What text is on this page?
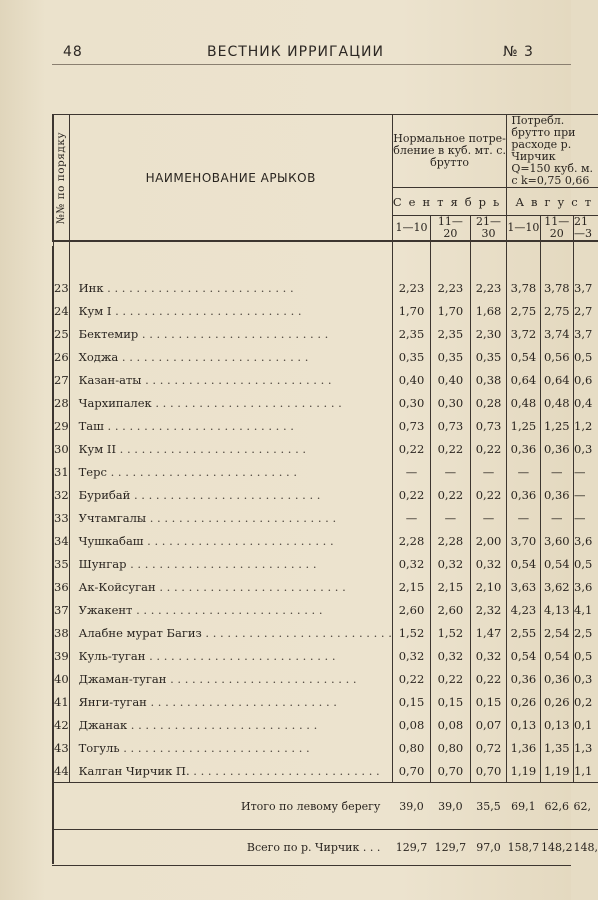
48	ВЕСТНИК ИРРИГАЦИИ	№ 3
№№ по порядку	НАИМЕНОВАНИЕ АРЫКОВ	Нормальное потре-бление в куб. мт. с. брутто			Потребл. брутто при расходе р. Чирчик Q=150 куб. м. с k=0,75 0,66		
		Сентябрь			Август		
		1—10	11—20	21—30	1—10	11—20	21—3

23	Инк . . . . . . . . . . . . . . . . . . . . . . . . . .	2,23	2,23	2,23	3,78	3,78	3,7
24	Кум I . . . . . . . . . . . . . . . . . . . . . . . . . .	1,70	1,70	1,68	2,75	2,75	2,7
25	Бектемир . . . . . . . . . . . . . . . . . . . . . . . . . .	2,35	2,35	2,30	3,72	3,74	3,7
26	Ходжа . . . . . . . . . . . . . . . . . . . . . . . . . .	0,35	0,35	0,35	0,54	0,56	0,5
27	Казан-аты . . . . . . . . . . . . . . . . . . . . . . . . . .	0,40	0,40	0,38	0,64	0,64	0,6
28	Чархипалек . . . . . . . . . . . . . . . . . . . . . . . . . .	0,30	0,30	0,28	0,48	0,48	0,4
29	Таш . . . . . . . . . . . . . . . . . . . . . . . . . .	0,73	0,73	0,73	1,25	1,25	1,2
30	Кум II . . . . . . . . . . . . . . . . . . . . . . . . . .	0,22	0,22	0,22	0,36	0,36	0,3
31	Терс . . . . . . . . . . . . . . . . . . . . . . . . . .	—	—	—	—	—	—
32	Бурибай . . . . . . . . . . . . . . . . . . . . . . . . . .	0,22	0,22	0,22	0,36	0,36	—
33	Учтамгалы . . . . . . . . . . . . . . . . . . . . . . . . . .	—	—	—	—	—	—
34	Чушкабаш . . . . . . . . . . . . . . . . . . . . . . . . . .	2,28	2,28	2,00	3,70	3,60	3,6
35	Шунгар . . . . . . . . . . . . . . . . . . . . . . . . . .	0,32	0,32	0,32	0,54	0,54	0,5
36	Ак-Койсуган . . . . . . . . . . . . . . . . . . . . . . . . . .	2,15	2,15	2,10	3,63	3,62	3,6
37	Ужакент . . . . . . . . . . . . . . . . . . . . . . . . . .	2,60	2,60	2,32	4,23	4,13	4,1
38	Алабне мурат Багиз . . . . . . . . . . . . . . . . . . . . . . . . . .	1,52	1,52	1,47	2,55	2,54	2,5
39	Куль-туган . . . . . . . . . . . . . . . . . . . . . . . . . .	0,32	0,32	0,32	0,54	0,54	0,5
40	Джаман-туган . . . . . . . . . . . . . . . . . . . . . . . . . .	0,22	0,22	0,22	0,36	0,36	0,3
41	Янги-туган . . . . . . . . . . . . . . . . . . . . . . . . . .	0,15	0,15	0,15	0,26	0,26	0,2
42	Джанак . . . . . . . . . . . . . . . . . . . . . . . . . .	0,08	0,08	0,07	0,13	0,13	0,1
43	Тогуль . . . . . . . . . . . . . . . . . . . . . . . . . .	0,80	0,80	0,72	1,36	1,35	1,3
44	Калган Чирчик П. . . . . . . . . . . . . . . . . . . . . . . . . . .	0,70	0,70	0,70	1,19	1,19	1,1
	Итого по левому берегу	39,0	39,0	35,5	69,1	62,6	62,
	Всего по р. Чирчик . . .	129,7	129,7	97,0	158,7	148,2	148,
